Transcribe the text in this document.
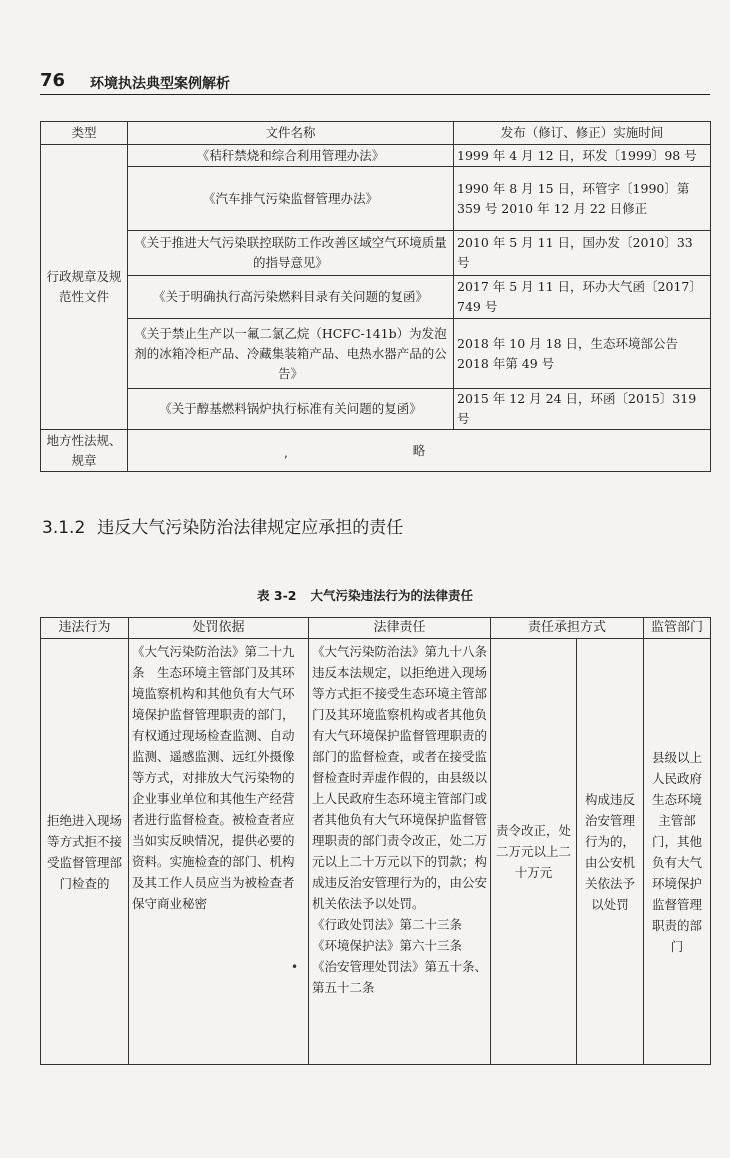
76 环境执法典型案例解析
类型	文件名称	发布（修订、修正）实施时间
行政规章及规范性文件	《秸秆禁烧和综合利用管理办法》	1999 年 4 月 12 日，环发〔1999〕98 号
	《汽车排气污染监督管理办法》	1990 年 8 月 15 日，环管字〔1990〕第 359 号 2010 年 12 月 22 日修正
	《关于推进大气污染联控联防工作改善区域空气环境质量的指导意见》	2010 年 5 月 11 日，国办发〔2010〕33 号
	《关于明确执行高污染燃料目录有关问题的复函》	2017 年 5 月 11 日，环办大气函〔2017〕749 号
	《关于禁止生产以一氟二氯乙烷（HCFC-141b）为发泡剂的冰箱冷柜产品、冷藏集装箱产品、电热水器产品的公告》	2018 年 10 月 18 日，生态环境部公告 2018 年第 49 号
	《关于醇基燃料锅炉执行标准有关问题的复函》	2015 年 12 月 24 日，环函〔2015〕319 号
地方性法规、规章	略	
3.1.2 违反大气污染防治法律规定应承担的责任
表 3-2 大气污染违法行为的法律责任
违法行为	处罚依据	法律责任	责任承担方式		监管部门
拒绝进入现场等方式拒不接受监督管理部门检查的	《大气污染防治法》第二十九条　生态环境主管部门及其环境监察机构和其他负有大气环境保护监督管理职责的部门，有权通过现场检查监测、自动监测、遥感监测、远红外摄像等方式，对排放大气污染物的企业事业单位和其他生产经营者进行监督检查。被检查者应当如实反映情况，提供必要的资料。实施检查的部门、机构及其工作人员应当为被检查者保守商业秘密	《大气污染防治法》第九十八条　违反本法规定，以拒绝进入现场等方式拒不接受生态环境主管部门及其环境监察机构或者其他负有大气环境保护监督管理职责的部门的监督检查，或者在接受监督检查时弄虚作假的，由县级以上人民政府生态环境主管部门或者其他负有大气环境保护监督管理职责的部门责令改正，处二万元以上二十万元以下的罚款；构成违反治安管理行为的，由公安机关依法予以处罚。
《行政处罚法》第二十三条
《环境保护法》第六十三条
《治安管理处罚法》第五十条、第五十二条	责令改正，处二万元以上二十万元	构成违反治安管理行为的，由公安机关依法予以处罚	县级以上人民政府生态环境主管部门，其他负有大气环境保护监督管理职责的部门
,
•
